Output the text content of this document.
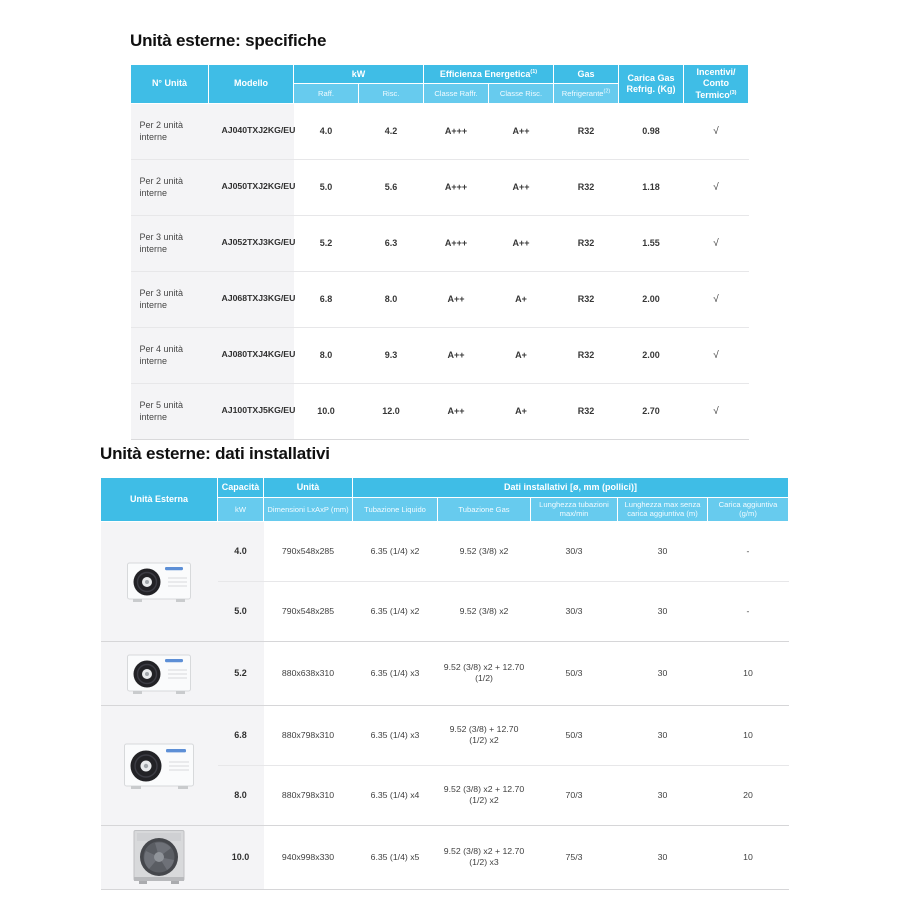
Unità esterne: specifiche
N° Unità	Modello	kW		Efficienza Energetica$^{(1)}$		Gas	Carica Gas
Refrig. (Kg)	Incentivi/
Conto Termico$^{(3)}$

		Raff.	Risc.	Classe Raffr.	Classe Risc.	Refrigerante$^{(2)}$
Per 2 unità interne	AJ040TXJ2KG/EU	4.0	4.2	A+++	A++	R32	0.98	√
Per 2 unità interne	AJ050TXJ2KG/EU	5.0	5.6	A+++	A++	R32	1.18	√
Per 3 unità interne	AJ052TXJ3KG/EU	5.2	6.3	A+++	A++	R32	1.55	√
Per 3 unità interne	AJ068TXJ3KG/EU	6.8	8.0	A++	A+	R32	2.00	√
Per 4 unità interne	AJ080TXJ4KG/EU	8.0	9.3	A++	A+	R32	2.00	√
Per 5 unità interne	AJ100TXJ5KG/EU	10.0	12.0	A++	A+	R32	2.70	√
Unità esterne: dati installativi
Unità Esterna	Capacità	Unità	Dati installativi [ø, mm (pollici)]				
	kW	Dimensioni LxAxP (mm)	Tubazione Liquido	Tubazione Gas	Lunghezza tubazioni max/min	Lunghezza max senza carica aggiuntiva (m)	Carica aggiuntiva (g/m)

	4.0	790x548x285	6.35 (1/4) x2	9.52 (3/8) x2	30/3	30	-
	5.0	790x548x285	6.35 (1/4) x2	9.52 (3/8) x2	30/3	30	-

	5.2	880x638x310	6.35 (1/4) x3	9.52 (3/8) x2 + 12.70 (1/2)	50/3	30	10

	6.8	880x798x310	6.35 (1/4) x3	9.52 (3/8) + 12.70 (1/2) x2	50/3	30	10
	8.0	880x798x310	6.35 (1/4) x4	9.52 (3/8) x2 + 12.70 (1/2) x2	70/3	30	20

	10.0	940x998x330	6.35 (1/4) x5	9.52 (3/8) x2 + 12.70 (1/2) x3	75/3	30	10
